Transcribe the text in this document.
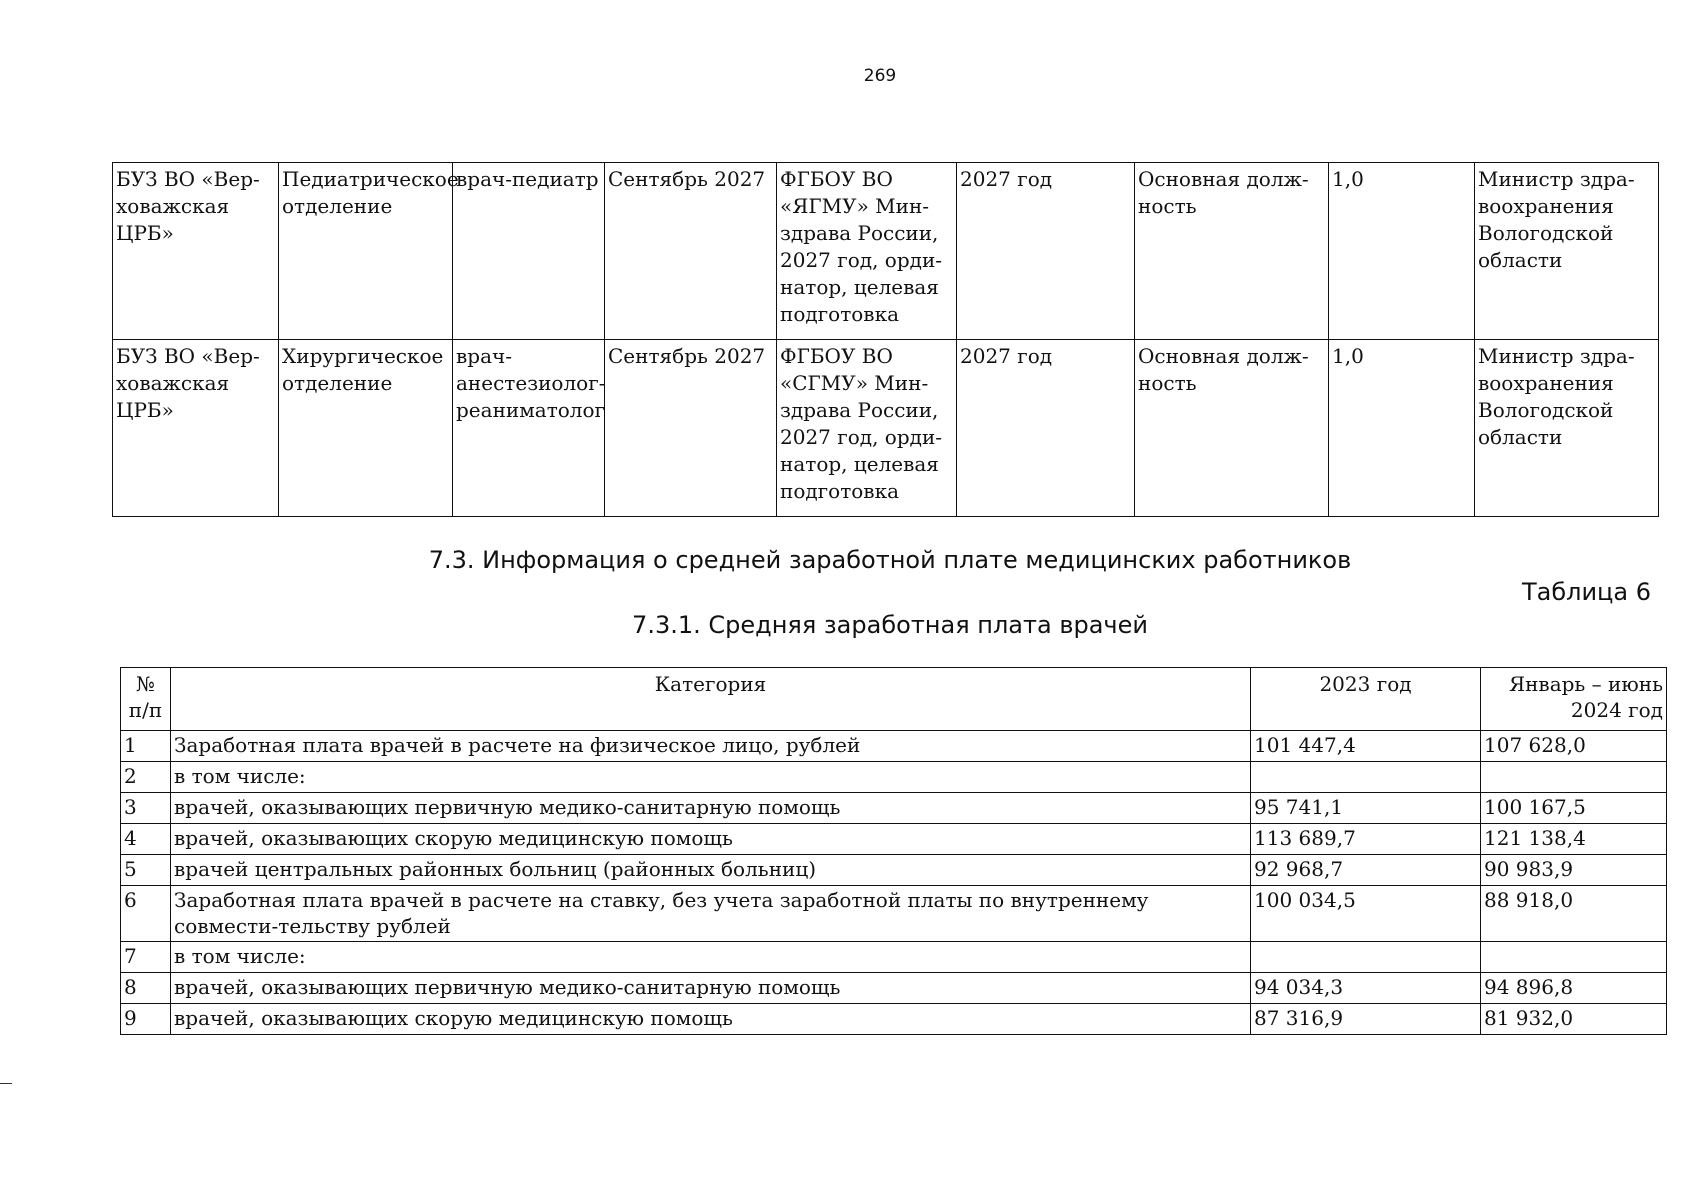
269
БУЗ ВО «Вер-ховажская ЦРБ»	Педиатрическое отделение	врач-педиатр	Сентябрь 2027	ФГБОУ ВО «ЯГМУ» Мин-здрава России, 2027 год, орди-натор, целевая подготовка	2027 год	Основная долж-ность	1,0	Министр здра-воохранения Вологодской области
БУЗ ВО «Вер-ховажская ЦРБ»	Хирургическое отделение	врач-анестезиолог-реаниматолог	Сентябрь 2027	ФГБОУ ВО «СГМУ» Мин-здрава России, 2027 год, орди-натор, целевая подготовка	2027 год	Основная долж-ность	1,0	Министр здра-воохранения Вологодской области
7.3. Информация о средней заработной плате медицинских работников
Таблица 6
7.3.1. Средняя заработная плата врачей
№ п/п	Категория	2023 год	Январь – июнь 2024 год
1	Заработная плата врачей в расчете на физическое лицо, рублей	101 447,4	107 628,0
2	в том числе:		
3	врачей, оказывающих первичную медико-санитарную помощь	95 741,1	100 167,5
4	врачей, оказывающих скорую медицинскую помощь	113 689,7	121 138,4
5	врачей центральных районных больниц (районных больниц)	92 968,7	90 983,9
6	Заработная плата врачей в расчете на ставку, без учета заработной платы по внутреннему совмести-тельству рублей	100 034,5	88 918,0
7	в том числе:		
8	врачей, оказывающих первичную медико-санитарную помощь	94 034,3	94 896,8
9	врачей, оказывающих скорую медицинскую помощь	87 316,9	81 932,0
